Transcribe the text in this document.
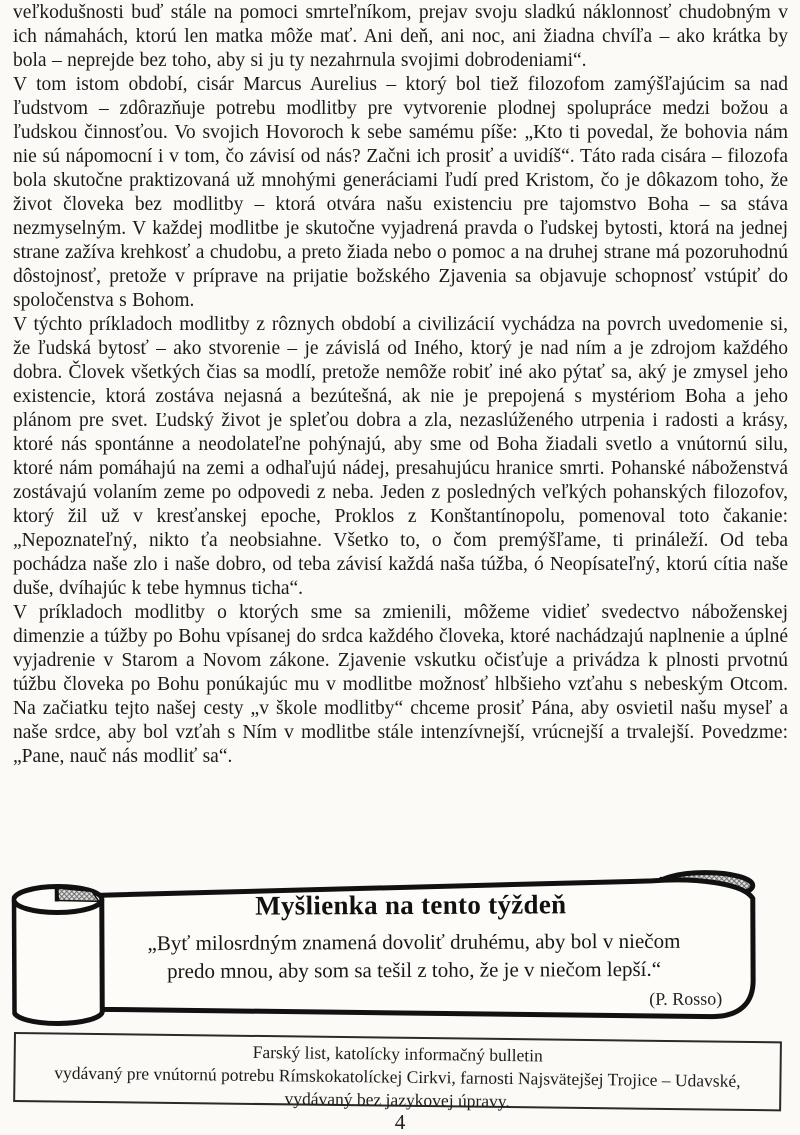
veľkodušnosti buď stále na pomoci smrteľníkom, prejav svoju sladkú náklonnosť chudobným v ich námahách, ktorú len matka môže mať. Ani deň, ani noc, ani žiadna chvíľa – ako krátka by bola – neprejde bez toho, aby si ju ty nezahrnula svojimi dobrodeniami“.

V tom istom období, cisár Marcus Aurelius – ktorý bol tiež filozofom zamýšľajúcim sa nad ľudstvom – zdôrazňuje potrebu modlitby pre vytvorenie plodnej spolupráce medzi božou a ľudskou činnosťou. Vo svojich Hovoroch k sebe samému píše: „Kto ti povedal, že bohovia nám nie sú nápomocní i v tom, čo závisí od nás? Začni ich prosiť a uvidíš“. Táto rada cisára – filozofa bola skutočne praktizovaná už mnohými generáciami ľudí pred Kristom, čo je dôkazom toho, že život človeka bez modlitby – ktorá otvára našu existenciu pre tajomstvo Boha – sa stáva nezmyselným. V každej modlitbe je skutočne vyjadrená pravda o ľudskej bytosti, ktorá na jednej strane zažíva krehkosť a chudobu, a preto žiada nebo o pomoc a na druhej strane má pozoruhodnú dôstojnosť, pretože v príprave na prijatie božského Zjavenia sa objavuje schopnosť vstúpiť do spoločenstva s Bohom.

V týchto príkladoch modlitby z rôznych období a civilizácií vychádza na povrch uvedomenie si, že ľudská bytosť – ako stvorenie – je závislá od Iného, ktorý je nad ním a je zdrojom každého dobra. Človek všetkých čias sa modlí, pretože nemôže robiť iné ako pýtať sa, aký je zmysel jeho existencie, ktorá zostáva nejasná a bezútešná, ak nie je prepojená s mystériom Boha a jeho plánom pre svet. Ľudský život je spleťou dobra a zla, nezaslúženého utrpenia i radosti a krásy, ktoré nás spontánne a neodolateľne pohýnajú, aby sme od Boha žiadali svetlo a vnútornú silu, ktoré nám pomáhajú na zemi a odhaľujú nádej, presahujúcu hranice smrti. Pohanské náboženstvá zostávajú volaním zeme po odpovedi z neba. Jeden z posledných veľkých pohanských filozofov, ktorý žil už v kresťanskej epoche, Proklos z Konštantínopolu, pomenoval toto čakanie: „Nepoznateľný, nikto ťa neobsiahne. Všetko to, o čom premýšľame, ti prináleží. Od teba pochádza naše zlo i naše dobro, od teba závisí každá naša túžba, ó Neopísateľný, ktorú cítia naše duše, dvíhajúc k tebe hymnus ticha“.

V príkladoch modlitby o ktorých sme sa zmienili, môžeme vidieť svedectvo náboženskej dimenzie a túžby po Bohu vpísanej do srdca každého človeka, ktoré nachádzajú naplnenie a úplné vyjadrenie v Starom a Novom zákone. Zjavenie vskutku očisťuje a privádza k plnosti prvotnú túžbu človeka po Bohu ponúkajúc mu v modlitbe možnosť hlbšieho vzťahu s nebeským Otcom. Na začiatku tejto našej cesty „v škole modlitby“ chceme prosiť Pána, aby osvietil našu myseľ a naše srdce, aby bol vzťah s Ním v modlitbe stále intenzívnejší, vrúcnejší a trvalejší. Povedzme: „Pane, nauč nás modliť sa“.

Myšlienka na tento týždeň
„Byť milosrdným znamená dovoliť druhému, aby bol v niečom predo mnou, aby som sa tešil z toho, že je v niečom lepší.“
(P. Rosso)

Farský list, katolícky informačný bulletin

vydávaný pre vnútornú potrebu Rímskokatolíckej Cirkvi, farnosti Najsvätejšej Trojice – Udavské,

vydávaný bez jazykovej úpravy.

4
